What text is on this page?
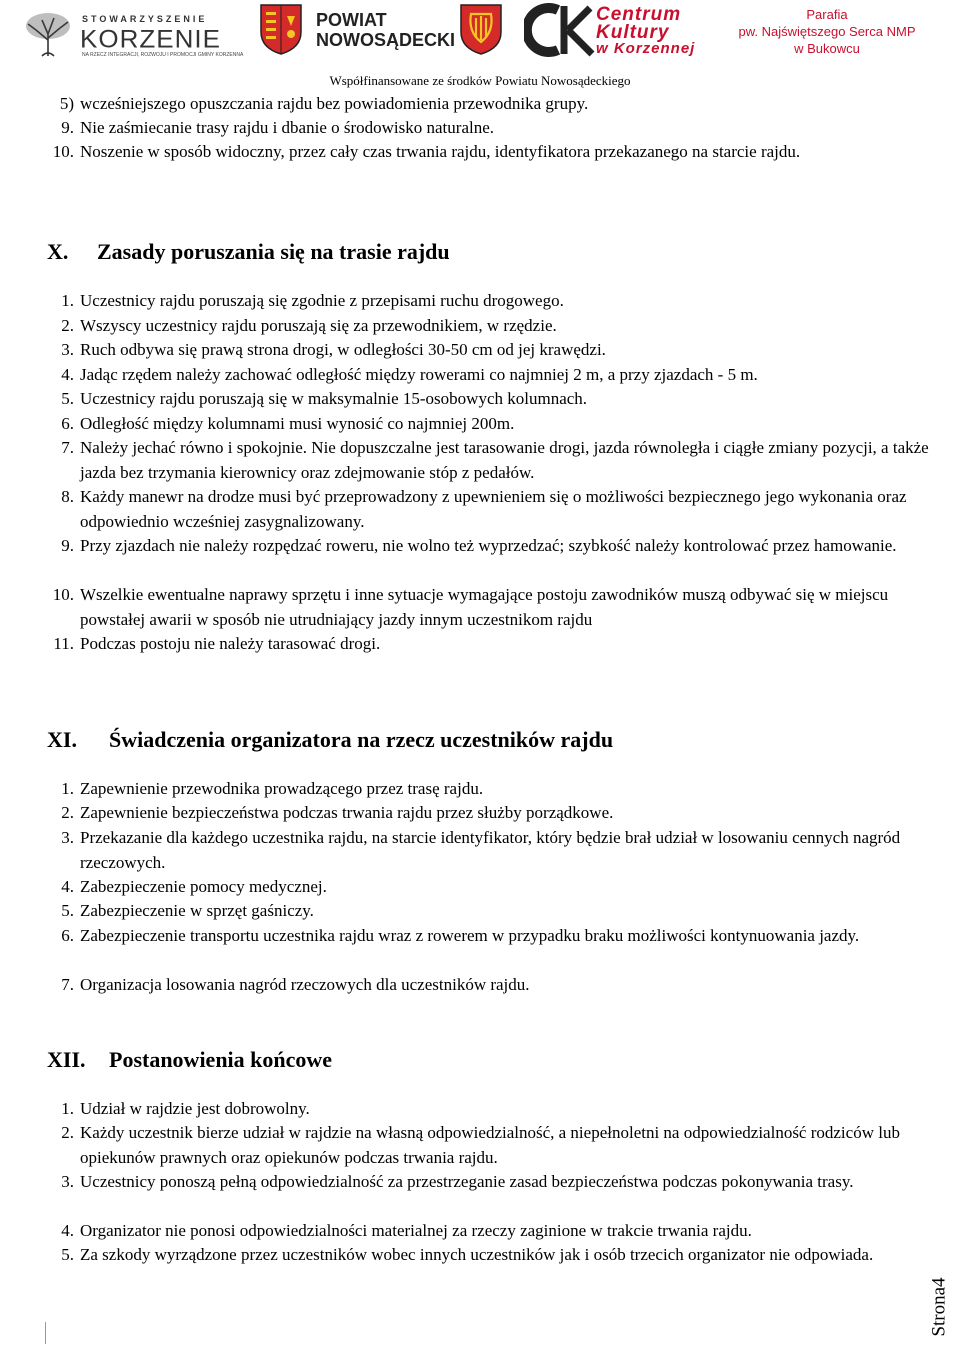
STOWARZYSZENIE
KORZENIE
NA RZECZ INTEGRACJI, ROZWOJU I PROMOCJI GMINY KORZENNA
POWIAT
NOWOSĄDECKI
Centrum
Kultury
w Korzennej
Parafia
pw. Najświętszego Serca NMP
w Bukowcu
Współfinansowane ze środków Powiatu Nowosądeckiego
5) wcześniejszego opuszczania rajdu bez powiadomienia przewodnika grupy.
9. Nie zaśmiecanie trasy rajdu i dbanie o środowisko naturalne.
10. Noszenie w sposób widoczny, przez cały czas trwania rajdu, identyfikatora przekazanego na starcie rajdu.
X. Zasady poruszania się na trasie rajdu
1. Uczestnicy rajdu poruszają się zgodnie z przepisami ruchu drogowego.
2. Wszyscy uczestnicy rajdu poruszają się za przewodnikiem, w rzędzie.
3. Ruch odbywa się prawą strona drogi, w odległości 30-50 cm od jej krawędzi.
4. Jadąc rzędem należy zachować odległość między rowerami co najmniej 2 m, a przy zjazdach - 5 m.
5. Uczestnicy rajdu poruszają się w maksymalnie 15-osobowych kolumnach.
6. Odległość między kolumnami musi wynosić co najmniej 200m.
7. Należy jechać równo i spokojnie. Nie dopuszczalne jest tarasowanie drogi, jazda równoległa i ciągłe zmiany pozycji, a także jazda bez trzymania kierownicy oraz zdejmowanie stóp z pedałów.
8. Każdy manewr na drodze musi być przeprowadzony z upewnieniem się o możliwości bezpiecznego jego wykonania oraz odpowiednio wcześniej zasygnalizowany.
9. Przy zjazdach nie należy rozpędzać roweru, nie wolno też wyprzedzać; szybkość należy kontrolować przez hamowanie.
10. Wszelkie ewentualne naprawy sprzętu i inne sytuacje wymagające postoju zawodników muszą odbywać się w miejscu powstałej awarii w sposób nie utrudniający jazdy innym uczestnikom rajdu
11. Podczas postoju nie należy tarasować drogi.
XI. Świadczenia organizatora na rzecz uczestników rajdu
1. Zapewnienie przewodnika prowadzącego przez trasę rajdu.
2. Zapewnienie bezpieczeństwa podczas trwania rajdu przez służby porządkowe.
3. Przekazanie dla każdego uczestnika rajdu, na starcie identyfikator, który będzie brał udział w losowaniu cennych nagród rzeczowych.
4. Zabezpieczenie pomocy medycznej.
5. Zabezpieczenie w sprzęt gaśniczy.
6. Zabezpieczenie transportu uczestnika rajdu wraz z rowerem w przypadku braku możliwości kontynuowania jazdy.
7. Organizacja losowania nagród rzeczowych dla uczestników rajdu.
XII. Postanowienia końcowe
1. Udział w rajdzie jest dobrowolny.
2. Każdy uczestnik bierze udział w rajdzie na własną odpowiedzialność, a niepełnoletni na odpowiedzialność rodziców lub opiekunów prawnych oraz opiekunów podczas trwania rajdu.
3. Uczestnicy ponoszą pełną odpowiedzialność za przestrzeganie zasad bezpieczeństwa podczas pokonywania trasy.
4. Organizator nie ponosi odpowiedzialności materialnej za rzeczy zaginione w trakcie trwania rajdu.
5. Za szkody wyrządzone przez uczestników wobec innych uczestników jak i osób trzecich organizator nie odpowiada.
Strona4
